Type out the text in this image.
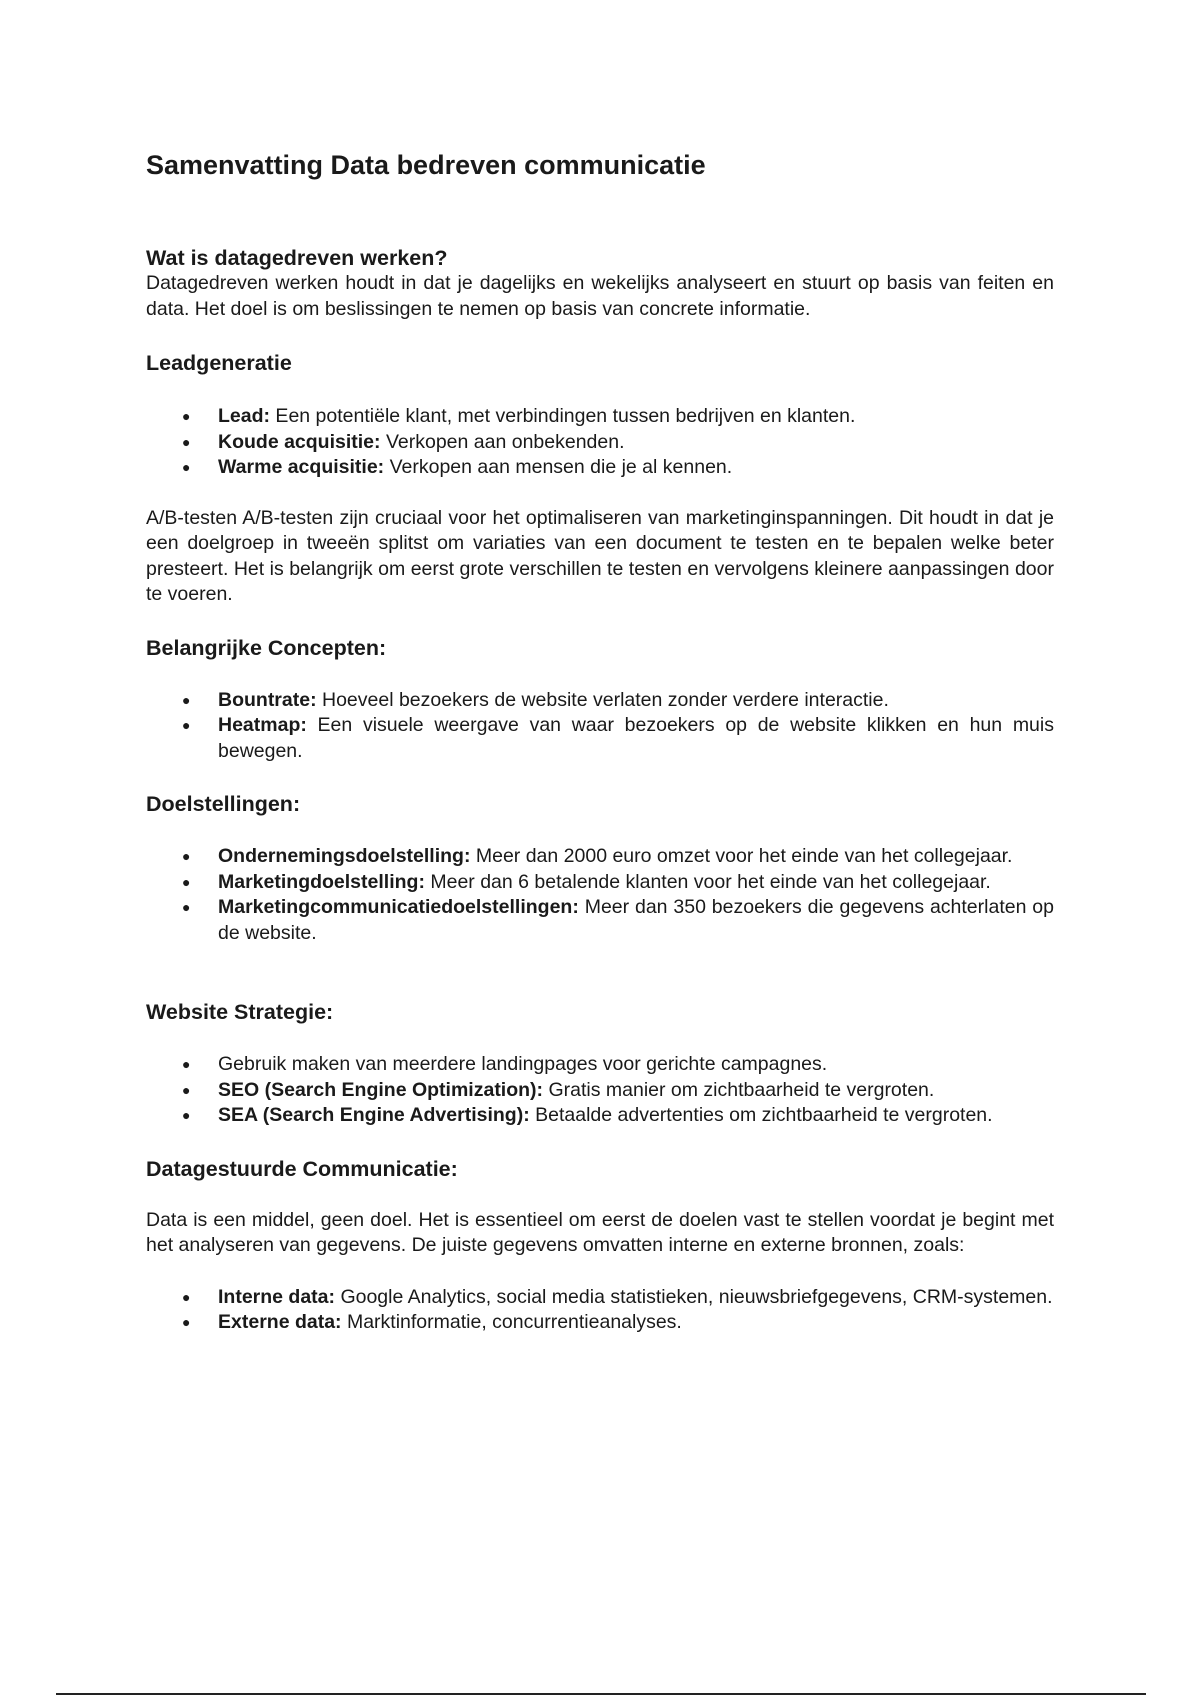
Samenvatting Data bedreven communicatie
Wat is datagedreven werken?

Datagedreven werken houdt in dat je dagelijks en wekelijks analyseert en stuurt op basis van feiten en data. Het doel is om beslissingen te nemen op basis van concrete informatie.

Leadgeneratie
● Lead: Een potentiële klant, met verbindingen tussen bedrijven en klanten.
● Koude acquisitie: Verkopen aan onbekenden.
● Warme acquisitie: Verkopen aan mensen die je al kennen.

A/B-testen A/B-testen zijn cruciaal voor het optimaliseren van marketinginspanningen. Dit houdt in dat je een doelgroep in tweeën splitst om variaties van een document te testen en te bepalen welke beter presteert. Het is belangrijk om eerst grote verschillen te testen en vervolgens kleinere aanpassingen door te voeren.

Belangrijke Concepten:
● Bountrate: Hoeveel bezoekers de website verlaten zonder verdere interactie.
● Heatmap: Een visuele weergave van waar bezoekers op de website klikken en hun muis bewegen.
Doelstellingen:
● Ondernemingsdoelstelling: Meer dan 2000 euro omzet voor het einde van het collegejaar.
● Marketingdoelstelling: Meer dan 6 betalende klanten voor het einde van het collegejaar.
● Marketingcommunicatiedoelstellingen: Meer dan 350 bezoekers die gegevens achterlaten op de website.
Website Strategie:
● Gebruik maken van meerdere landingpages voor gerichte campagnes.
● SEO (Search Engine Optimization): Gratis manier om zichtbaarheid te vergroten.
● SEA (Search Engine Advertising): Betaalde advertenties om zichtbaarheid te vergroten.
Datagestuurde Communicatie:

Data is een middel, geen doel. Het is essentieel om eerst de doelen vast te stellen voordat je begint met het analyseren van gegevens. De juiste gegevens omvatten interne en externe bronnen, zoals:

● Interne data: Google Analytics, social media statistieken, nieuwsbriefgegevens, CRM-systemen.
● Externe data: Marktinformatie, concurrentieanalyses.
